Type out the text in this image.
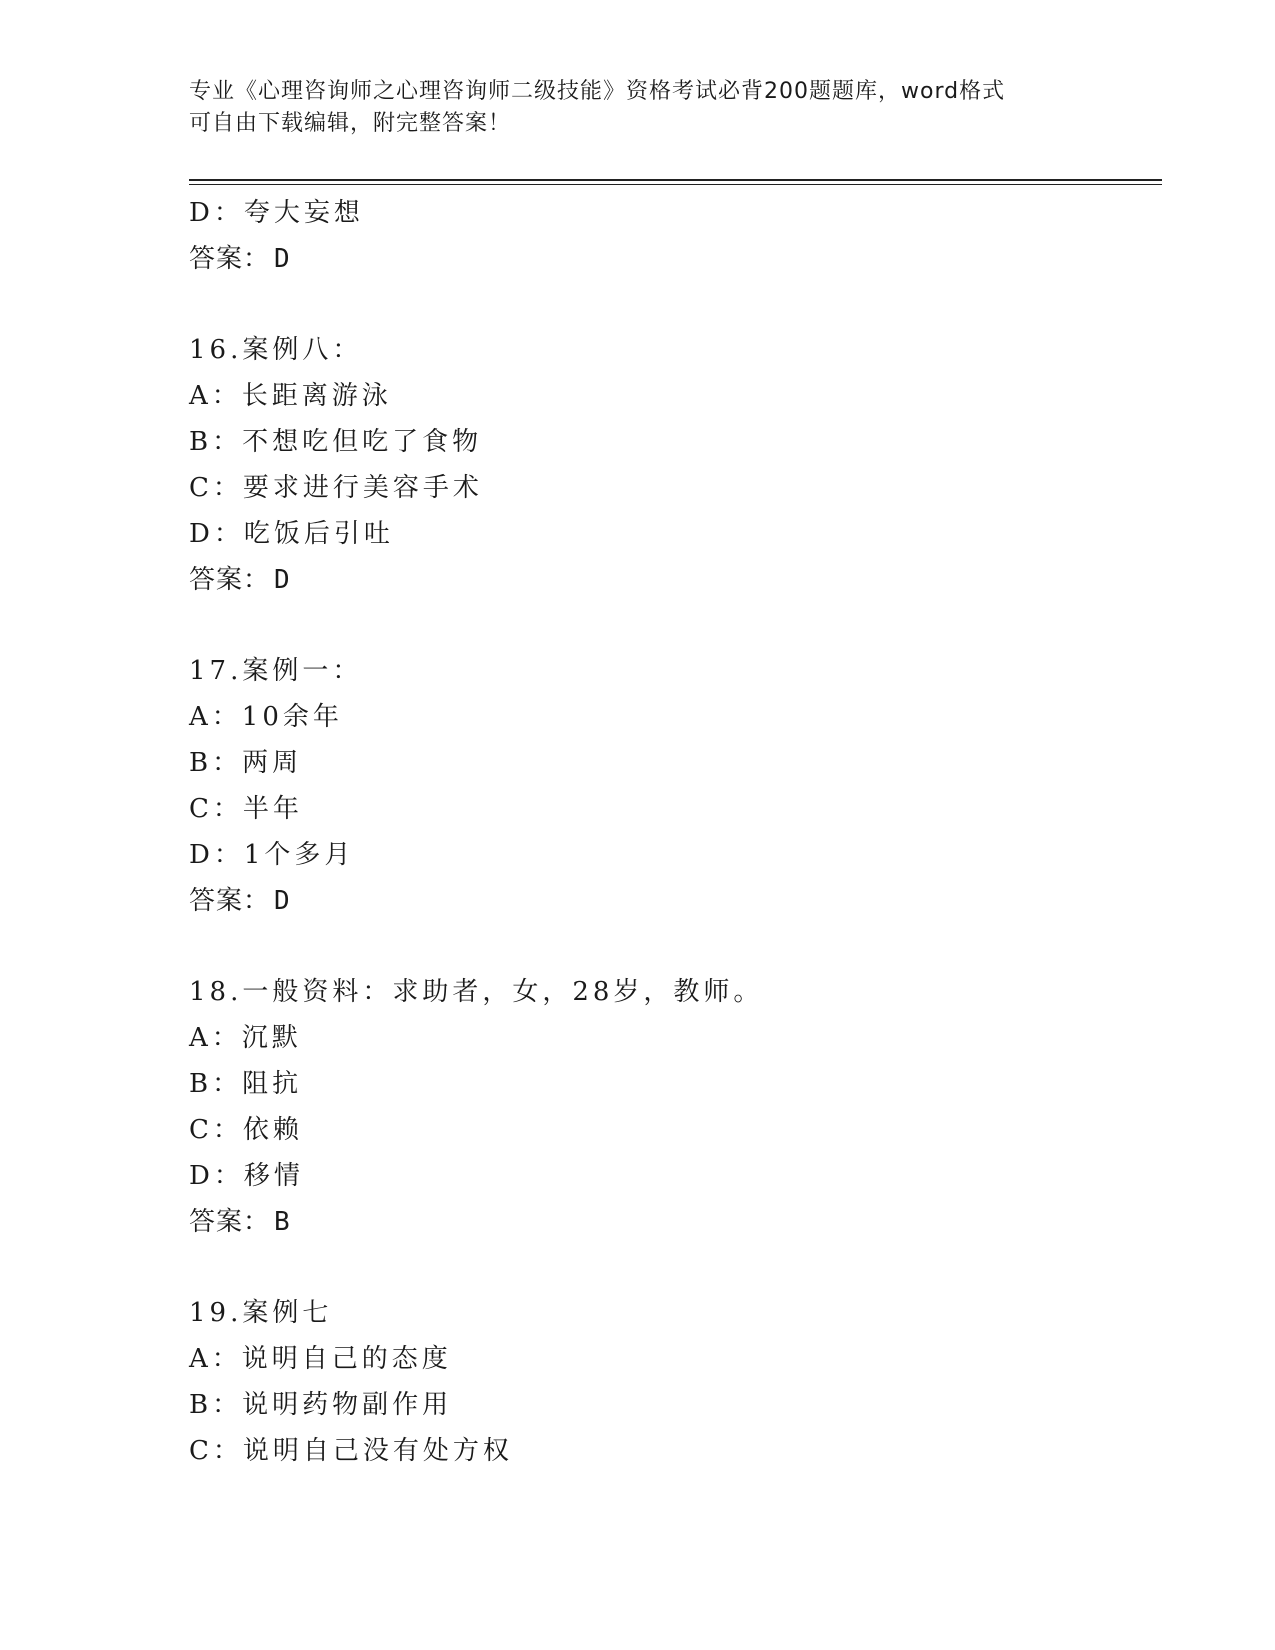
专业《心理咨询师之心理咨询师二级技能》资格考试必背200题题库，word格式
可自由下载编辑，附完整答案！
D：夸大妄想
答案： D
16.案例八：
A：长距离游泳
B：不想吃但吃了食物
C：要求进行美容手术
D：吃饭后引吐
答案： D
17.案例一：
A：10余年
B：两周
C：半年
D：1个多月
答案： D
18.一般资料：求助者，女，28岁，教师。
A：沉默
B：阻抗
C：依赖
D：移情
答案： B
19.案例七
A：说明自己的态度
B：说明药物副作用
C：说明自己没有处方权
